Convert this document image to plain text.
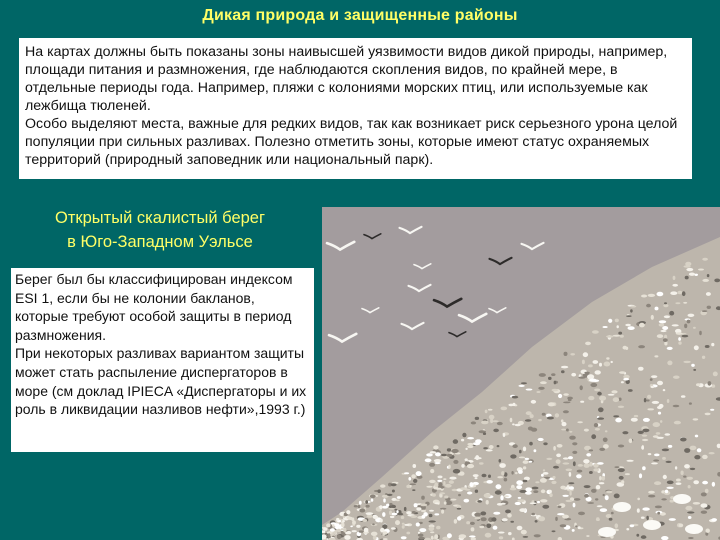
Дикая природа и защищенные районы

На картах должны быть показаны зоны наивысшей уязвимости видов дикой природы, например, площади питания и размножения, где наблюдаются скопления видов, по крайней мере, в отдельные периоды года. Например, пляжи с колониями морских птиц, или используемые как лежбища тюленей.

Особо выделяют места, важные для редких видов, так как возникает риск серьезного урона целой популяции при сильных разливах. Полезно отметить зоны, которые имеют статус охраняемых территорий (природный заповедник или национальный парк).

Открытый скалистый берег
в Юго-Западном Уэльсе

Берег был бы классифицирован индексом ESI 1, если бы не колонии бакланов, которые требуют особой защиты в период размножения.

При некоторых разливах вариантом защиты может стать распыление диспергаторов в море (см доклад IPIECA «Диспергаторы и их роль в ликвидации назливов нефти»,1993 г.)
